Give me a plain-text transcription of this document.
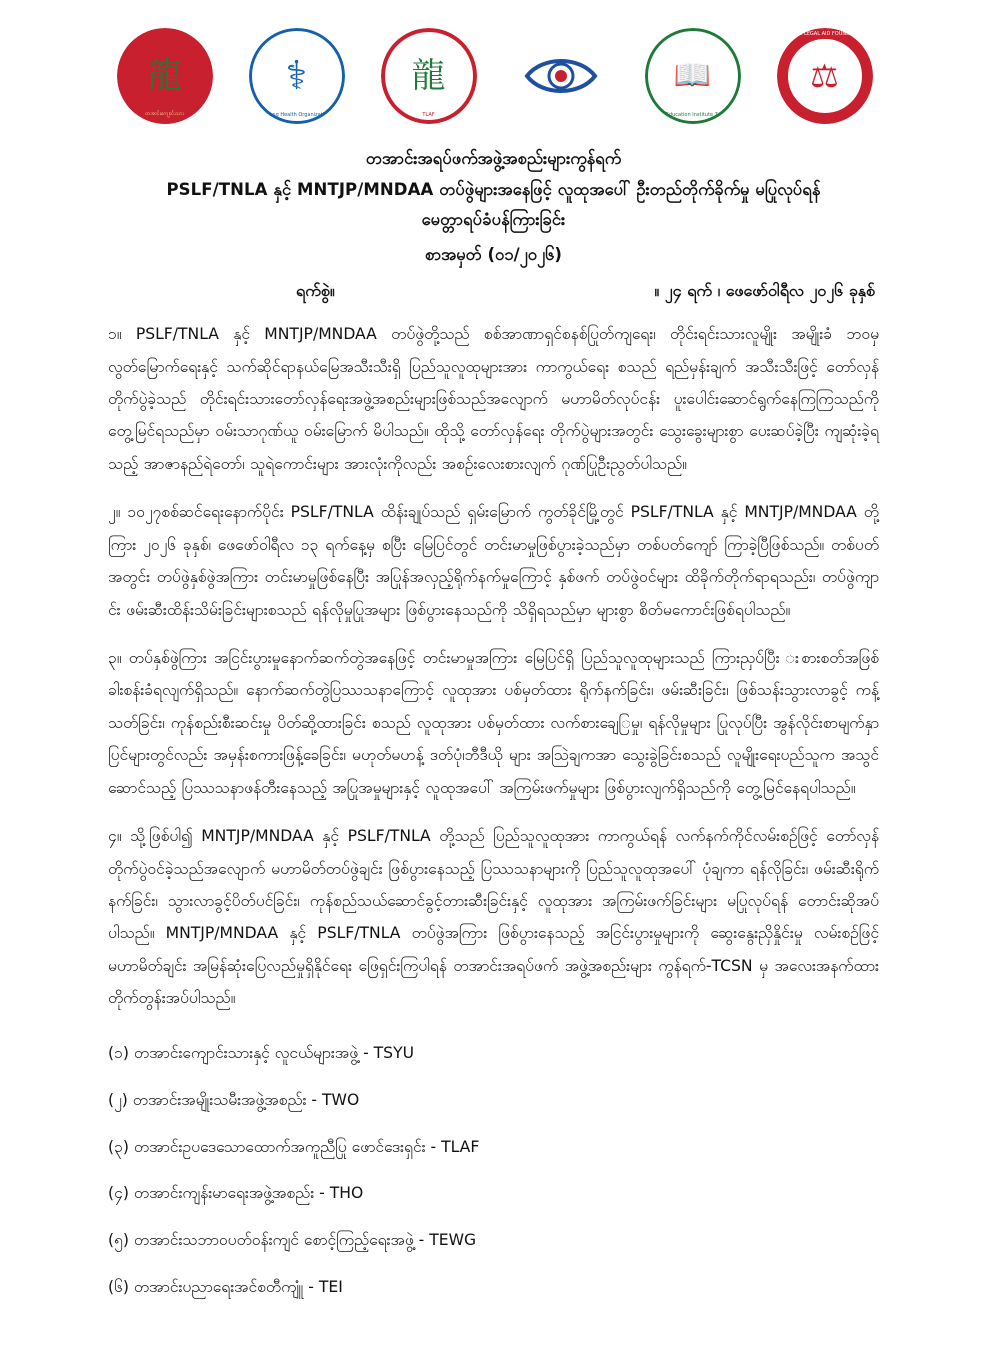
龍
တအာင်းကျောင်းသား
⚕
Ta'ang Health Organization
龍
TLAF
📖
Ta'ang Education Institute 7.6.2017
⚖
TA'ANG LEGAL AID FOUNDATION
တအာင်းအရပ်ဖက်အဖွဲ့အစည်းများကွန်ရက်
PSLF/TNLA နှင့် MNTJP/MNDAA တပ်ဖွဲများအနေဖြင့် လူထုအပေါ် ဦးတည်တိုက်ခိုက်မှု မပြုလုပ်ရန်
မေတ္တာရပ်ခံပန်ကြားခြင်း
စာအမှတ် (၀၁/၂၀၂၆)
ရက်စွဲ။	။ ၂၄ ရက် ၊ ဖေဖော်ဝါရီလ ၂၀၂၆ ခုနှစ်

၁။ PSLF/TNLA နှင့် MNTJP/MNDAA တပ်ဖွဲတို့သည် စစ်အာဏာရှင်စနစ်ပြုတ်ကျရေး၊ တိုင်းရင်းသားလူမျိုး အမျိုးခံ ဘဝမှ လွတ်မြောက်ရေးနှင့် သက်ဆိုင်ရာနယ်မြေအသီးသီးရှိ ပြည်သူလူထုများအား ကာကွယ်ရေး စသည် ရည်မှန်းချက် အသီးသီးဖြင့် တော်လှန်တိုက်ပွဲခဲ့သည် တိုင်းရင်းသားတော်လှန်ရေးအဖွဲ့အစည်းများဖြစ်သည်အလျောက် မဟာမိတ်လုပ်ငန်း ပူးပေါင်းဆောင်ရွက်နေကြကြသည်ကို တွေ့မြင်ရသည်မှာ ဝမ်းသာဂုဏ်ယူ ဝမ်းမြောက် မိပါသည်။ ထိုသို့ တော်လှန်ရေး တိုက်ပွဲများအတွင်း သွေးခွေးများစွာ ပေးဆပ်ခဲ့ပြီး ကျဆုံးခဲ့ရသည့် အာဇာနည်ရဲတော်၊ သူရဲကောင်းများ အားလုံးကိုလည်း အစဥ်းလေးစားလျက် ဂုဏ်ပြုဦးညွတ်ပါသည်။

၂။ ၁၀၂၇စစ်ဆင်ရေးနောက်ပိုင်း PSLF/TNLA ထိန်းချုပ်သည် ရှမ်းမြောက် ကွတ်ခိုင်မြို့တွင် PSLF/TNLA နှင့် MNTJP/MNDAA တို့ကြား ၂၀၂၆ ခုနှစ်၊ ဖေဖော်ဝါရီလ ၁၃ ရက်နေ့မှ စပြီး မြေပြင်တွင် တင်းမာမှုဖြစ်ပွားခဲ့သည်မှာ တစ်ပတ်ကျော် ကြာခဲ့ပြီဖြစ်သည်။ တစ်ပတ်အတွင်း တပ်ဖွဲနှစ်ဖွဲအကြား တင်းမာမှုဖြစ်နေပြီး အပြုန်အလှည့်ရိုက်နက်မှုကြောင့် နှစ်ဖက် တပ်ဖွဲဝင်များ ထိခိုက်တိုက်ရာရသည်း၊ တပ်ဖွဲကျာင်း ဖမ်းဆီးထိန်းသိမ်းခြင်းများစသည် ရန်လိုမှုပြုအများ ဖြစ်ပွားနေသည်ကို သိရှိရသည်မှာ များစွာ စိတ်မကောင်းဖြစ်ရပါသည်။

၃။ တပ်နှစ်ဖွဲကြား အငြင်းပွားမှုနောက်ဆက်တွဲအနေဖြင့် တင်းမာမှုအကြား မြေပြင်ရှိ ပြည်သူလူထုများသည် ကြားညှပ်ပြီး းစားစတ်အဖြစ် ခါးစန်းခံရလျက်ရှိသည်။ နောက်ဆက်တွဲပြဿသနာကြောင့် လူထုအား ပစ်မှတ်ထား ရိုက်နက်ခြင်း၊ ဖမ်းဆီးခြင်း၊ ဖြစ်သန်းသွားလာခွင့် ကန့်သတ်ခြင်း၊ ကုန်စည်းစီးဆင်းမှု ပိတ်ဆို့ထားခြင်း စသည် လူထုအား ပစ်မှတ်ထား လက်စားချေြမှု၊ ရန်လိုမှုများ ပြုလုပ်ပြီး အွန်လိုင်းစာမျက်နှာပြင်များတွင်လည်း အမှန်းစကားဖြန့်ခေခြင်း၊ မဟုတ်မဟန့် ဒတ်ပုံ၊ဘီဒီယို များ အသြဲချကအာ သွေးခွဲခြင်းစသည် လူမျိုးရေးပည်သူက အသွင်ဆောင်သည့် ပြဿသနာဖန်တီးနေသည့် အပြုအမှုများနှင့် လူထုအပေါ် အကြမ်းဖက်မှုများ ဖြစ်ပွားလျက်ရှိသည်ကို တွေ့မြင်နေရပါသည်။

၄။ သို့ဖြစ်ပါ၍ MNTJP/MNDAA နှင့် PSLF/TNLA တို့သည် ပြည်သူလူထုအား ကာကွယ်ရန် လက်နက်ကိုင်လမ်းစဥ်ဖြင့် တော်လှန်တိုက်ပွဲဝင်ခဲ့သည်အလျောက် မဟာမိတ်တပ်ဖွဲချင်း ဖြစ်ပွားနေသည့် ပြဿသနာများကို ပြည်သူလူထုအပေါ် ပုံချကာ ရန်လိုခြင်း၊ ဖမ်းဆီးရိုက်နက်ခြင်း၊ သွားလာခွင့်ပိတ်ပင်ခြင်း၊ ကုန်စည်သယ်ဆောင်ခွင့်တားဆီးခြင်းနှင့် လူထုအား အကြမ်းဖက်ခြင်းများ မပြုလုပ်ရန် တောင်းဆိုအပ်ပါသည်။ MNTJP/MNDAA နှင့် PSLF/TNLA တပ်ဖွဲအကြား ဖြစ်ပွားနေသည့် အငြင်းပွားမှုများကို ဆွေးနွေးညှိနှိုင်းမှု လမ်းစဥ်ဖြင့် မဟာမိတ်ချင်း အမြန်ဆုံးပြေလည်မှုရှိနိုင်ရေး ဖြေရှင်းကြပါရန် တအာင်းအရပ်ဖက် အဖွဲ့အစည်းများ ကွန်ရက်-TCSN မှ အလေးအနက်ထား တိုက်တွန်းအပ်ပါသည်။

(၁) တအာင်းကျောင်းသားနှင့် လူငယ်များအဖွဲ့ - TSYU
(၂) တအာင်းအမျိုးသမီးအဖွဲ့အစည်း - TWO
(၃) တအာင်းဥပဒေသောထောက်အကူညီပြု ဖောင်ဒေးရှင်း - TLAF
(၄) တအာင်းကျန်းမာရေးအဖွဲ့အစည်း - THO
(၅) တအာင်းသဘာဝပတ်ဝန်းကျင် စောင့်ကြည့်ရေးအဖွဲ့ - TEWG
(၆) တအာင်းပညာရေးအင်စတီကျူံ - TEI
